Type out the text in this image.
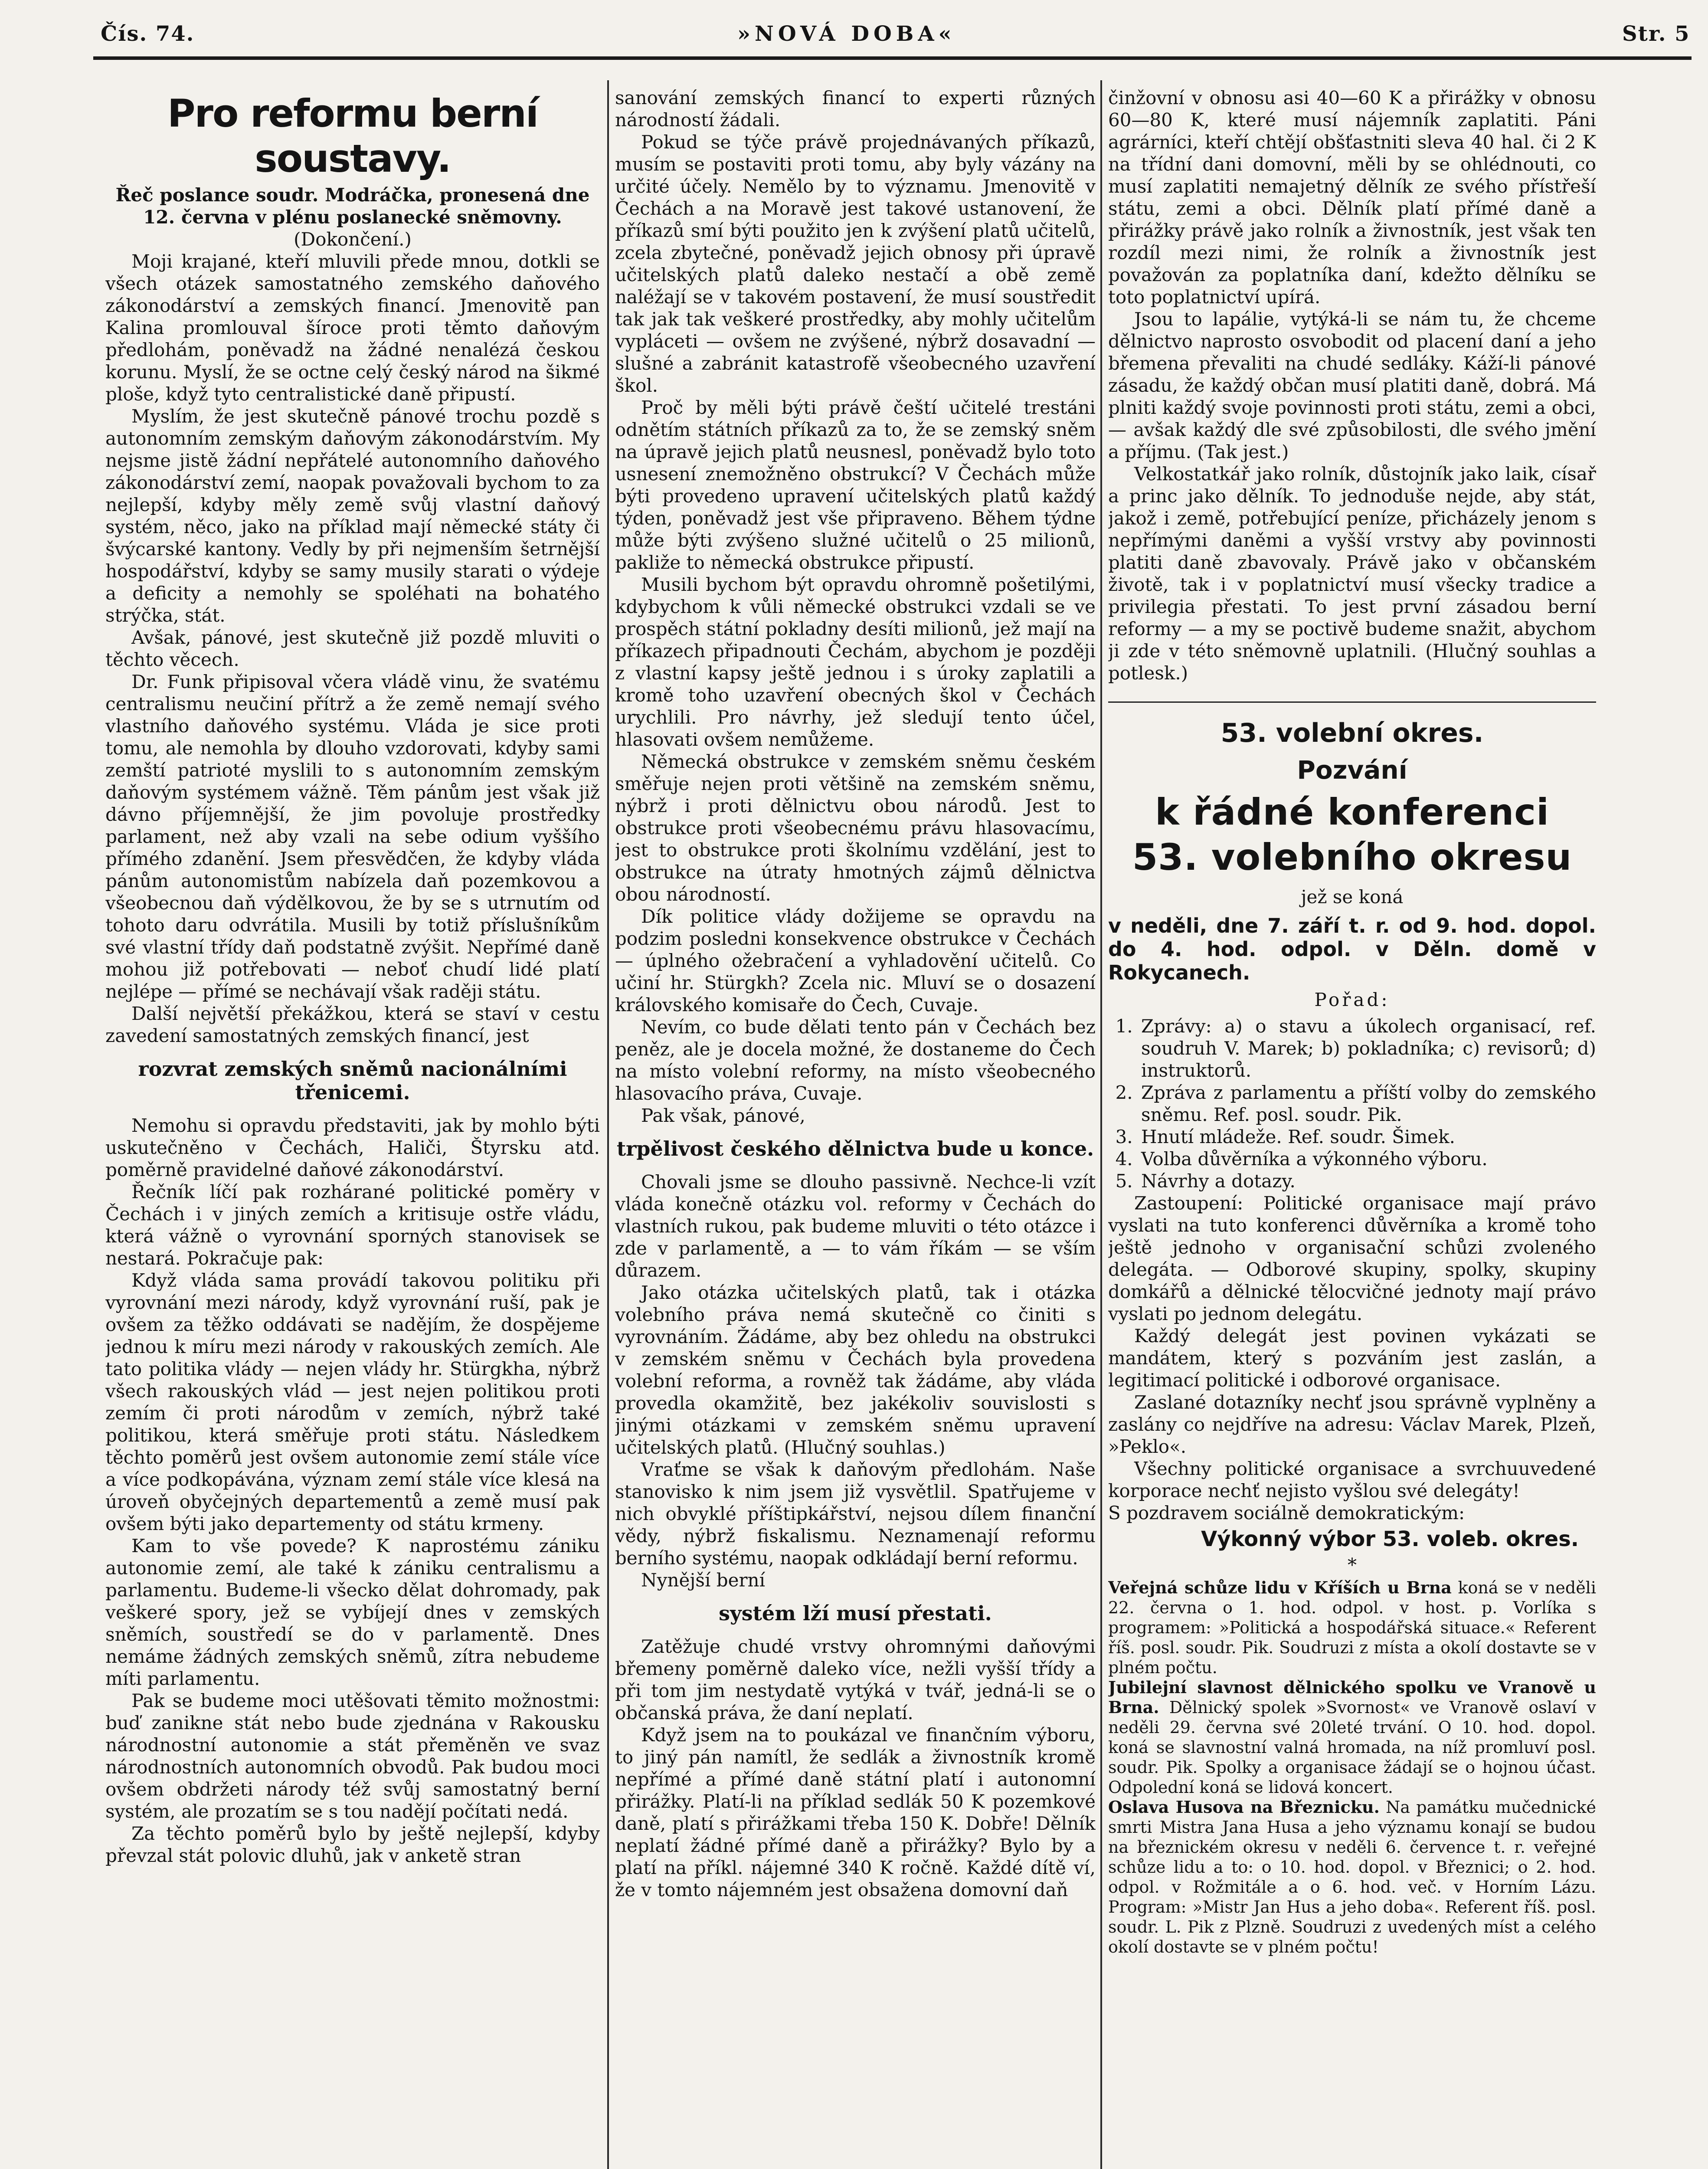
Čís. 74.	»NOVÁ DOBA«	Str. 5
Pro reformu berní soustavy.

Řeč poslance soudr. Modráčka, pronesená dne 12. června v plénu poslanecké sněmovny.

(Dokončení.)

Moji krajané, kteří mluvili přede mnou, dotkli se všech otázek samostatného zemského daňového zákonodárství a zemských financí. Jmenovitě pan Kalina promlouval šíroce proti těmto daňovým předlohám, poněvadž na žádné nenalézá českou korunu. Myslí, že se octne celý český národ na šikmé ploše, když tyto centralistické daně připustí.

Myslím, že jest skutečně pánové trochu pozdě s autonomním zemským daňovým zákonodárstvím. My nejsme jistě žádní nepřátelé autonomního daňového zákonodárství zemí, naopak považovali bychom to za nejlepší, kdyby měly země svůj vlastní daňový systém, něco, jako na příklad mají německé státy či švýcarské kantony. Vedly by při nejmenším šetrnější hospodářství, kdyby se samy musily starati o výdeje a deficity a nemohly se spoléhati na bohatého strýčka, stát.

Avšak, pánové, jest skutečně již pozdě mluviti o těchto věcech.

Dr. Funk připisoval včera vládě vinu, že svatému centralismu neučiní přítrž a že země nemají svého vlastního daňového systému. Vláda je sice proti tomu, ale nemohla by dlouho vzdorovati, kdyby sami zemští patrioté myslili to s autonomním zemským daňovým systémem vážně. Těm pánům jest však již dávno příjemnější, že jim povoluje prostředky parlament, než aby vzali na sebe odium vyššího přímého zdanění. Jsem přesvědčen, že kdyby vláda pánům autonomistům nabízela daň pozemkovou a všeobecnou daň výdělkovou, že by se s utrnutím od tohoto daru odvrátila. Musili by totiž příslušníkům své vlastní třídy daň podstatně zvýšit. Nepřímé daně mohou již potřebovati — neboť chudí lidé platí nejlépe — přímé se nechávají však raději státu.

Další největší překážkou, která se staví v cestu zavedení samostatných zemských financí, jest

rozvrat zemských sněmů nacionálními třenicemi.

Nemohu si opravdu představiti, jak by mohlo býti uskutečněno v Čechách, Haliči, Štyrsku atd. poměrně pravidelné daňové zákonodárství.

Řečník líčí pak rozhárané politické poměry v Čechách i v jiných zemích a kritisuje ostře vládu, která vážně o vyrovnání sporných stanovisek se nestará. Pokračuje pak:

Když vláda sama provádí takovou politiku při vyrovnání mezi národy, když vyrovnání ruší, pak je ovšem za těžko oddávati se nadějím, že dospějeme jednou k míru mezi národy v rakouských zemích. Ale tato politika vlády — nejen vlády hr. Stürgkha, nýbrž všech rakouských vlád — jest nejen politikou proti zemím či proti národům v zemích, nýbrž také politikou, která směřuje proti státu. Následkem těchto poměrů jest ovšem autonomie zemí stále více a více podkopávána, význam zemí stále více klesá na úroveň obyčejných departementů a země musí pak ovšem býti jako departementy od státu krmeny.

Kam to vše povede? K naprostému zániku autonomie zemí, ale také k zániku centralismu a parlamentu. Budeme-li všecko dělat dohromady, pak veškeré spory, jež se vybíjejí dnes v zemských sněmích, soustředí se do v parlamentě. Dnes nemáme žádných zemských sněmů, zítra nebudeme míti parlamentu.

Pak se budeme moci utěšovati těmito možnostmi: buď zanikne stát nebo bude zjednána v Rakousku národnostní autonomie a stát přeměněn ve svaz národnostních autonomních obvodů. Pak budou moci ovšem obdržeti národy též svůj samostatný berní systém, ale prozatím se s tou nadějí počítati nedá.

Za těchto poměrů bylo by ještě nejlepší, kdyby převzal stát polovic dluhů, jak v anketě stran

sanování zemských financí to experti různých národností žádali.

Pokud se týče právě projednávaných příkazů, musím se postaviti proti tomu, aby byly vázány na určité účely. Nemělo by to významu. Jmenovitě v Čechách a na Moravě jest takové ustanovení, že příkazů smí býti použito jen k zvýšení platů učitelů, zcela zbytečné, poněvadž jejich obnosy při úpravě učitelských platů daleko nestačí a obě země naléžají se v takovém postavení, že musí soustředit tak jak tak veškeré prostředky, aby mohly učitelům vypláceti — ovšem ne zvýšené, nýbrž dosavadní — slušné a zabránit katastrofě všeobecného uzavření škol.

Proč by měli býti právě čeští učitelé trestáni odnětím státních příkazů za to, že se zemský sněm na úpravě jejich platů neusnesl, poněvadž bylo toto usnesení znemožněno obstrukcí? V Čechách může býti provedeno upravení učitelských platů každý týden, poněvadž jest vše připraveno. Během týdne může býti zvýšeno služné učitelů o 25 milionů, pakliže to německá obstrukce připustí.

Musili bychom být opravdu ohromně pošetilými, kdybychom k vůli německé obstrukci vzdali se ve prospěch státní pokladny desíti milionů, jež mají na příkazech připadnouti Čechám, abychom je později z vlastní kapsy ještě jednou i s úroky zaplatili a kromě toho uzavření obecných škol v Čechách urychlili. Pro návrhy, jež sledují tento účel, hlasovati ovšem nemůžeme.

Německá obstrukce v zemském sněmu českém směřuje nejen proti většině na zemském sněmu, nýbrž i proti dělnictvu obou národů. Jest to obstrukce proti všeobecnému právu hlasovacímu, jest to obstrukce proti školnímu vzdělání, jest to obstrukce na útraty hmotných zájmů dělnictva obou národností.

Dík politice vlády dožijeme se opravdu na podzim posledni konsekvence obstrukce v Čechách — úplného ožebračení a vyhladovění učitelů. Co učiní hr. Stürgkh? Zcela nic. Mluví se o dosazení královského komisaře do Čech, Cuvaje.

Nevím, co bude dělati tento pán v Čechách bez peněz, ale je docela možné, že dostaneme do Čech na místo volební reformy, na místo všeobecného hlasovacího práva, Cuvaje.

Pak však, pánové,

trpělivost českého dělnictva bude u konce.

Chovali jsme se dlouho passivně. Nechce-li vzít vláda konečně otázku vol. reformy v Čechách do vlastních rukou, pak budeme mluviti o této otázce i zde v parlamentě, a — to vám říkám — se vším důrazem.

Jako otázka učitelských platů, tak i otázka volebního práva nemá skutečně co činiti s vyrovnáním. Žádáme, aby bez ohledu na obstrukci v zemském sněmu v Čechách byla provedena volební reforma, a rovněž tak žádáme, aby vláda provedla okamžitě, bez jakékoliv souvislosti s jinými otázkami v zemském sněmu upravení učitelských platů. (Hlučný souhlas.)

Vraťme se však k daňovým předlohám. Naše stanovisko k nim jsem již vysvětlil. Spatřujeme v nich obvyklé příštipkářství, nejsou dílem finanční vědy, nýbrž fiskalismu. Neznamenají reformu berního systému, naopak odkládají berní reformu.

Nynější berní

systém lží musí přestati.

Zatěžuje chudé vrstvy ohromnými daňovými břemeny poměrně daleko více, nežli vyšší třídy a při tom jim nestydatě vytýká v tvář, jedná-li se o občanská práva, že daní neplatí.

Když jsem na to poukázal ve finančním výboru, to jiný pán namítl, že sedlák a živnostník kromě nepřímé a přímé daně státní platí i autonomní přirážky. Platí-li na příklad sedlák 50 K pozemkové daně, platí s přirážkami třeba 150 K. Dobře! Dělník neplatí žádné přímé daně a přirážky? Bylo by a platí na příkl. nájemné 340 K ročně. Každé dítě ví, že v tomto nájemném jest obsažena domovní daň

činžovní v obnosu asi 40—60 K a přirážky v obnosu 60—80 K, které musí nájemník zaplatiti. Páni agrárníci, kteří chtějí obšťastniti sleva 40 hal. či 2 K na třídní dani domovní, měli by se ohlédnouti, co musí zaplatiti nemajetný dělník ze svého přístřeší státu, zemi a obci. Dělník platí přímé daně a přirážky právě jako rolník a živnostník, jest však ten rozdíl mezi nimi, že rolník a živnostník jest považován za poplatníka daní, kdežto dělníku se toto poplatnictví upírá.

Jsou to lapálie, vytýká-li se nám tu, že chceme dělnictvo naprosto osvobodit od placení daní a jeho břemena převaliti na chudé sedláky. Káží-li pánové zásadu, že každý občan musí platiti daně, dobrá. Má plniti každý svoje povinnosti proti státu, zemi a obci, — avšak každý dle své způsobilosti, dle svého jmění a příjmu. (Tak jest.)

Velkostatkář jako rolník, důstojník jako laik, císař a princ jako dělník. To jednoduše nejde, aby stát, jakož i země, potřebující peníze, přicházely jenom s nepřímými daněmi a vyšší vrstvy aby povinnosti platiti daně zbavovaly. Právě jako v občanském životě, tak i v poplatnictví musí všecky tradice a privilegia přestati. To jest první zásadou berní reformy — a my se poctivě budeme snažit, abychom ji zde v této sněmovně uplatnili. (Hlučný souhlas a potlesk.)

53. volební okres.
Pozvání
k řádné konferenci
53. volebního okresu

jež se koná

v neděli, dne 7. září t. r. od 9. hod. dopol. do 4. hod. odpol. v Děln. domě v Rokycanech.

Pořad:

1. Zprávy: a) o stavu a úkolech organisací, ref. soudruh V. Marek; b) pokladníka; c) revisorů; d) instruktorů.
2. Zpráva z parlamentu a příští volby do zemského sněmu. Ref. posl. soudr. Pik.
3. Hnutí mládeže. Ref. soudr. Šimek.
4. Volba důvěrníka a výkonného výboru.
5. Návrhy a dotazy.

Zastoupení: Politické organisace mají právo vyslati na tuto konferenci důvěrníka a kromě toho ještě jednoho v organisační schůzi zvoleného delegáta. — Odborové skupiny, spolky, skupiny domkářů a dělnické tělocvičné jednoty mají právo vyslati po jednom delegátu.

Každý delegát jest povinen vykázati se mandátem, který s pozváním jest zaslán, a legitimací politické i odborové organisace.

Zaslané dotazníky nechť jsou správně vyplněny a zaslány co nejdříve na adresu: Václav Marek, Plzeň, »Peklo«.

Všechny politické organisace a svrchuuvedené korporace nechť nejisto vyšlou své delegáty!

S pozdravem sociálně demokratickým:

Výkonný výbor 53. voleb. okres.
*
Veřejná schůze lidu v Kříších u Brna koná se v neděli 22. června o 1. hod. odpol. v host. p. Vorlíka s programem: »Politická a hospodářská situace.« Referent říš. posl. soudr. Pik. Soudruzi z místa a okolí dostavte se v plném počtu.
Jubilejní slavnost dělnického spolku ve Vranově u Brna. Dělnický spolek »Svornost« ve Vranově oslaví v neděli 29. června své 20leté trvání. O 10. hod. dopol. koná se slavnostní valná hromada, na níž promluví posl. soudr. Pik. Spolky a organisace žádají se o hojnou účast. Odpolední koná se lidová koncert.
Oslava Husova na Březnicku. Na památku mučednické smrti Mistra Jana Husa a jeho významu konají se budou na březnickém okresu v neděli 6. července t. r. veřejné schůze lidu a to: o 10. hod. dopol. v Březnici; o 2. hod. odpol. v Rožmitále a o 6. hod. več. v Horním Lázu. Program: »Mistr Jan Hus a jeho doba«. Referent říš. posl. soudr. L. Pik z Plzně. Soudruzi z uvedených míst a celého okolí dostavte se v plném počtu!
